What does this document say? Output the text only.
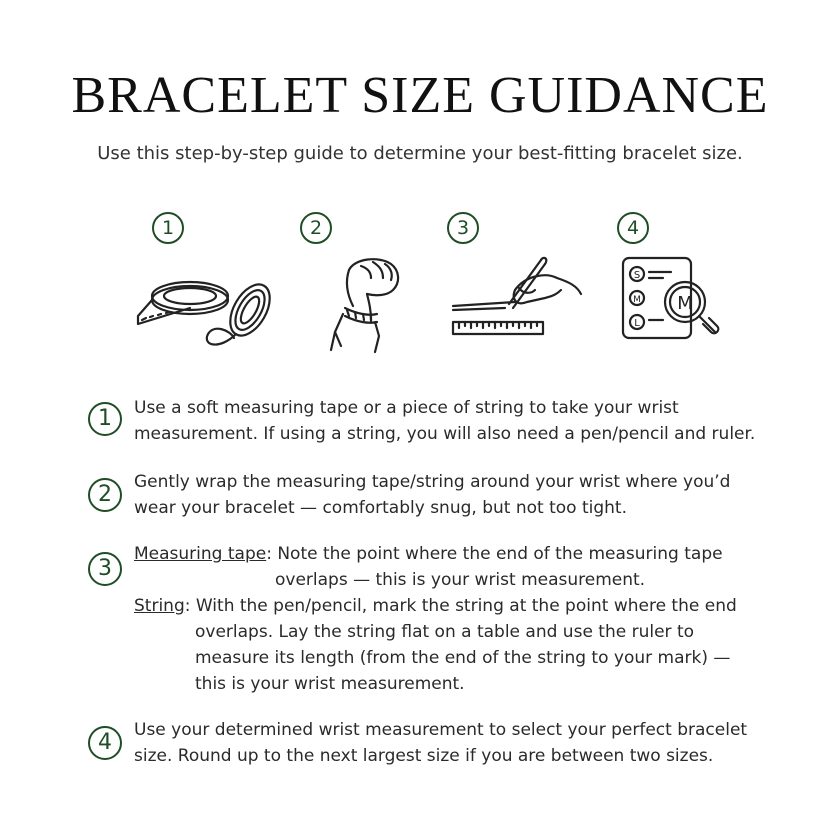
BRACELET SIZE GUIDANCE
Use this step-by-step guide to determine your best-fitting bracelet size.
1	2	3	4
S
M
L
M
1	Use a soft measuring tape or a piece of string to take your wrist
measurement. If using a string, you will also need a pen/pencil and ruler.
2	Gently wrap the measuring tape/string around your wrist where you’d
wear your bracelet — comfortably snug, but not too tight.
3
Measuring tape: Note the point where the end of the measuring tape
overlaps — this is your wrist measurement.
String: With the pen/pencil, mark the string at the point where the end
overlaps. Lay the string flat on a table and use the ruler to
measure its length (from the end of the string to your mark) —
this is your wrist measurement.
4	Use your determined wrist measurement to select your perfect bracelet
size. Round up to the next largest size if you are between two sizes.
